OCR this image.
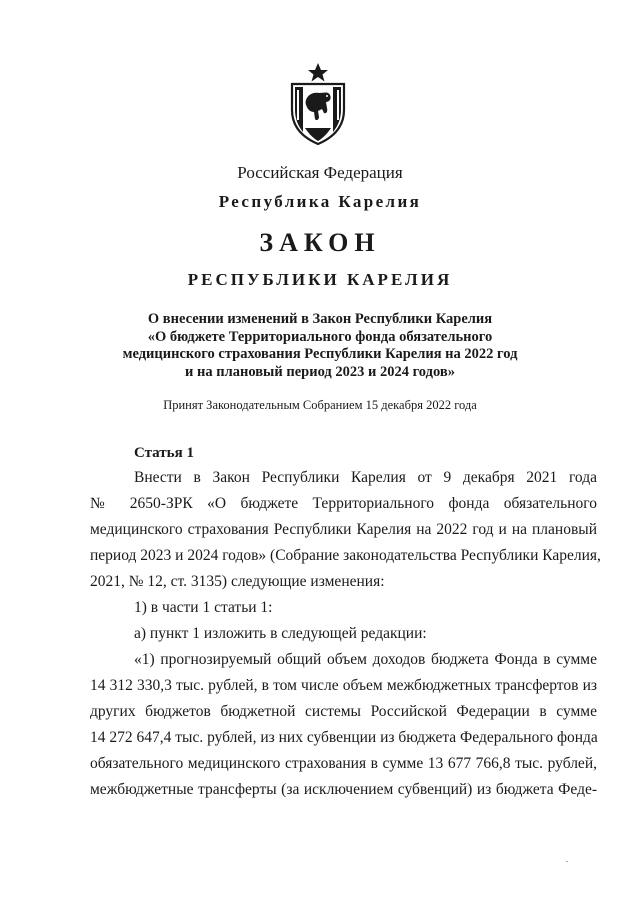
Российская Федерация
Республика Карелия
ЗАКОН
РЕСПУБЛИКИ КАРЕЛИЯ
О внесении изменений в Закон Республики Карелия
«О бюджете Территориального фонда обязательного
медицинского страхования Республики Карелия на 2022 год
и на плановый период 2023 и 2024 годов»
Принят Законодательным Собранием 15 декабря 2022 года
Статья 1
Внести в Закон Республики Карелия от 9 декабря 2021 года
№ 2650-ЗРК «О бюджете Территориального фонда обязательного
медицинского страхования Республики Карелия на 2022 год и на плановый
период 2023 и 2024 годов» (Собрание законодательства Республики Карелия,
2021, № 12, ст. 3135) следующие изменения:
1) в части 1 статьи 1:
а) пункт 1 изложить в следующей редакции:
«1) прогнозируемый общий объем доходов бюджета Фонда в сумме
14 312 330,3 тыс. рублей, в том числе объем межбюджетных трансфертов из
других бюджетов бюджетной системы Российской Федерации в сумме
14 272 647,4 тыс. рублей, из них субвенции из бюджета Федерального фонда
обязательного медицинского страхования в сумме 13 677 766,8 тыс. рублей,
межбюджетные трансферты (за исключением субвенций) из бюджета Феде-
